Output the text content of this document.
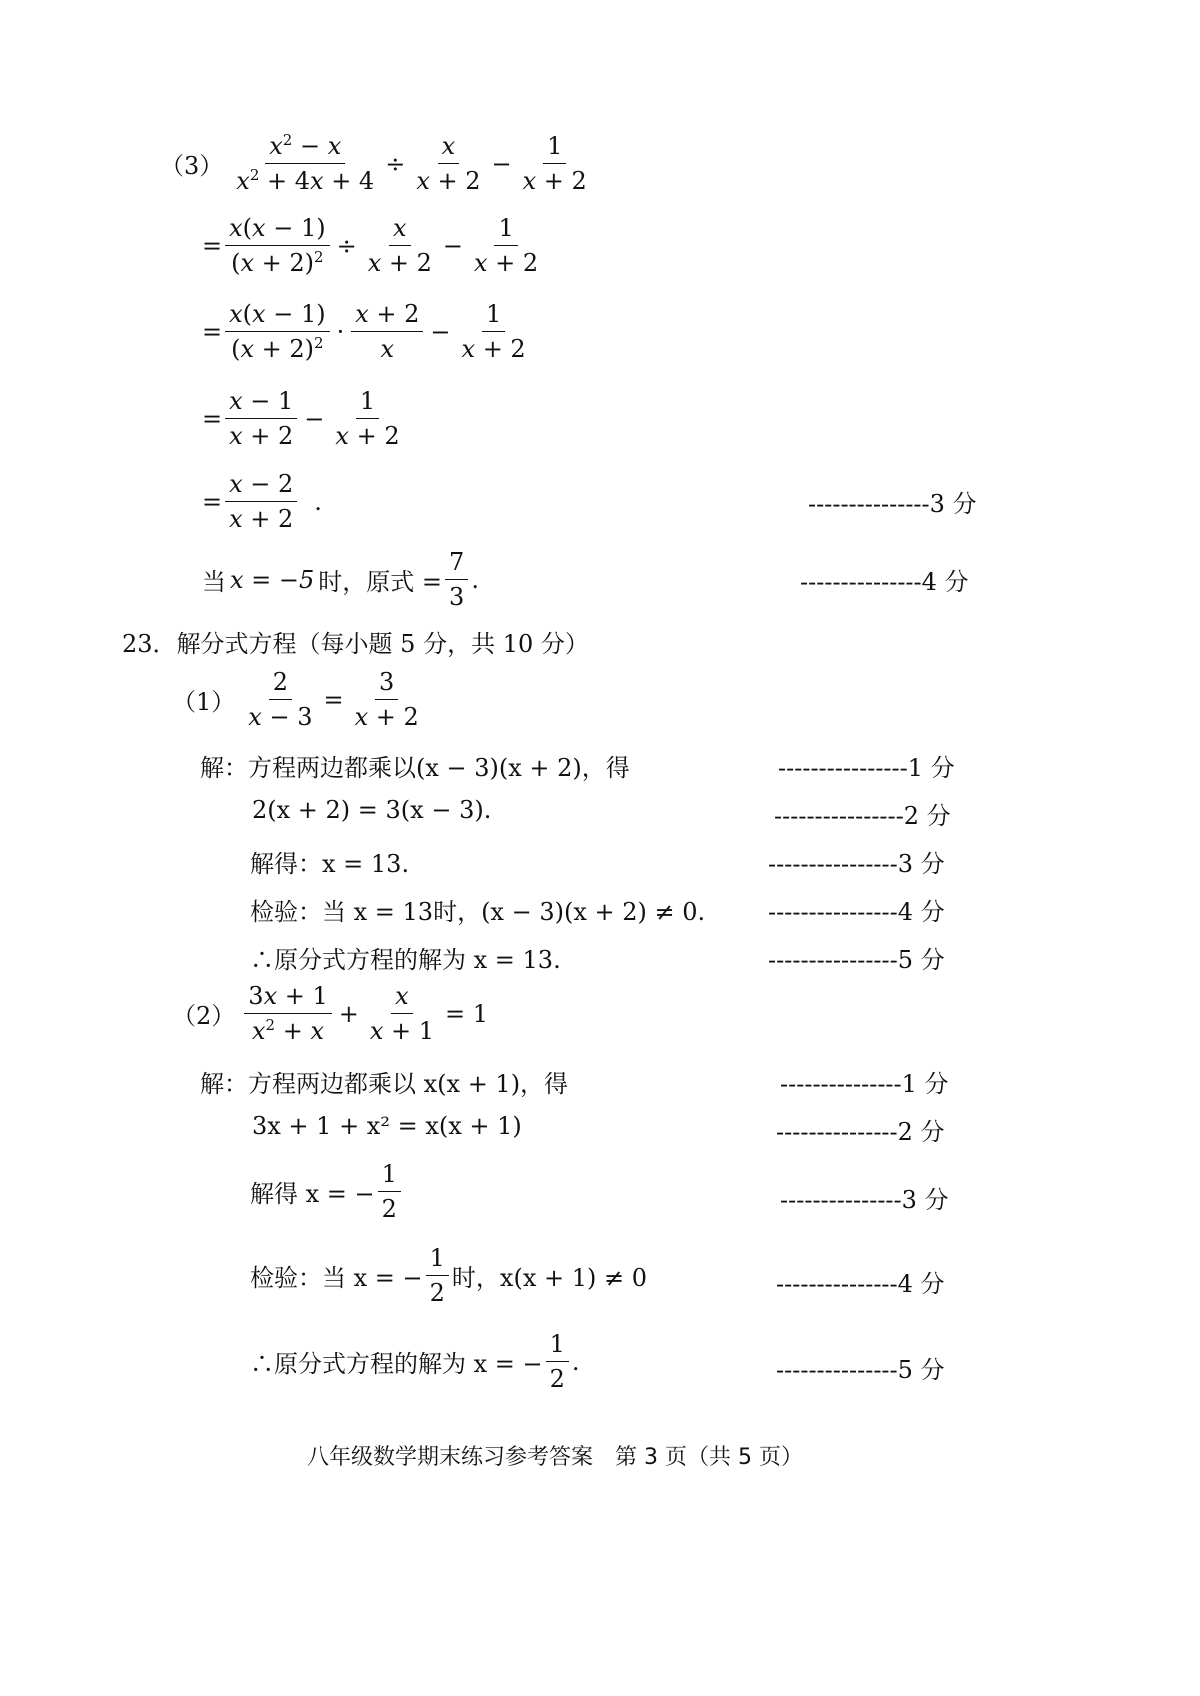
$(3) \frac{x^2 - x}{x^2 + 4x + 4} \div \frac{x}{x + 2} - \frac{1}{x + 2}$
= $\frac{x(x - 1)}{(x + 2)^2} \div \frac{x}{x + 2} - \frac{1}{x + 2}$
= $\frac{x(x - 1)}{(x + 2)^2} \cdot \frac{x + 2}{x} - \frac{1}{x + 2}$
= $\frac{x - 1}{x + 2} - \frac{1}{x + 2}$
= $\frac{x - 2}{x + 2}$ .	---------------3 分
当 x = −5 时，原式 = $\frac{7}{3}$ .	---------------4 分
23．解分式方程（每小题 5 分，共 10 分）
$(1) \frac{2}{x - 3} = \frac{3}{x + 2}$
解：方程两边都乘以(x − 3)(x + 2)，得	----------------1 分
2(x + 2) = 3(x − 3).	----------------2 分
解得：x = 13.	----------------3 分
检验：当 x = 13时，(x − 3)(x + 2) ≠ 0.	----------------4 分
∴原分式方程的解为 x = 13.	----------------5 分
$(2) \frac{3x + 1}{x^2 + x} + \frac{x}{x + 1} = 1$
解：方程两边都乘以 x(x + 1)，得	---------------1 分
3x + 1 + x² = x(x + 1)	---------------2 分
解得 x = − $\frac{1}{2}$	---------------3 分
检验：当 x = − $\frac{1}{2}$ 时，x(x + 1) ≠ 0	---------------4 分
∴原分式方程的解为 x = − $\frac{1}{2}$ .	---------------5 分
八年级数学期末练习参考答案　第 3 页（共 5 页）
